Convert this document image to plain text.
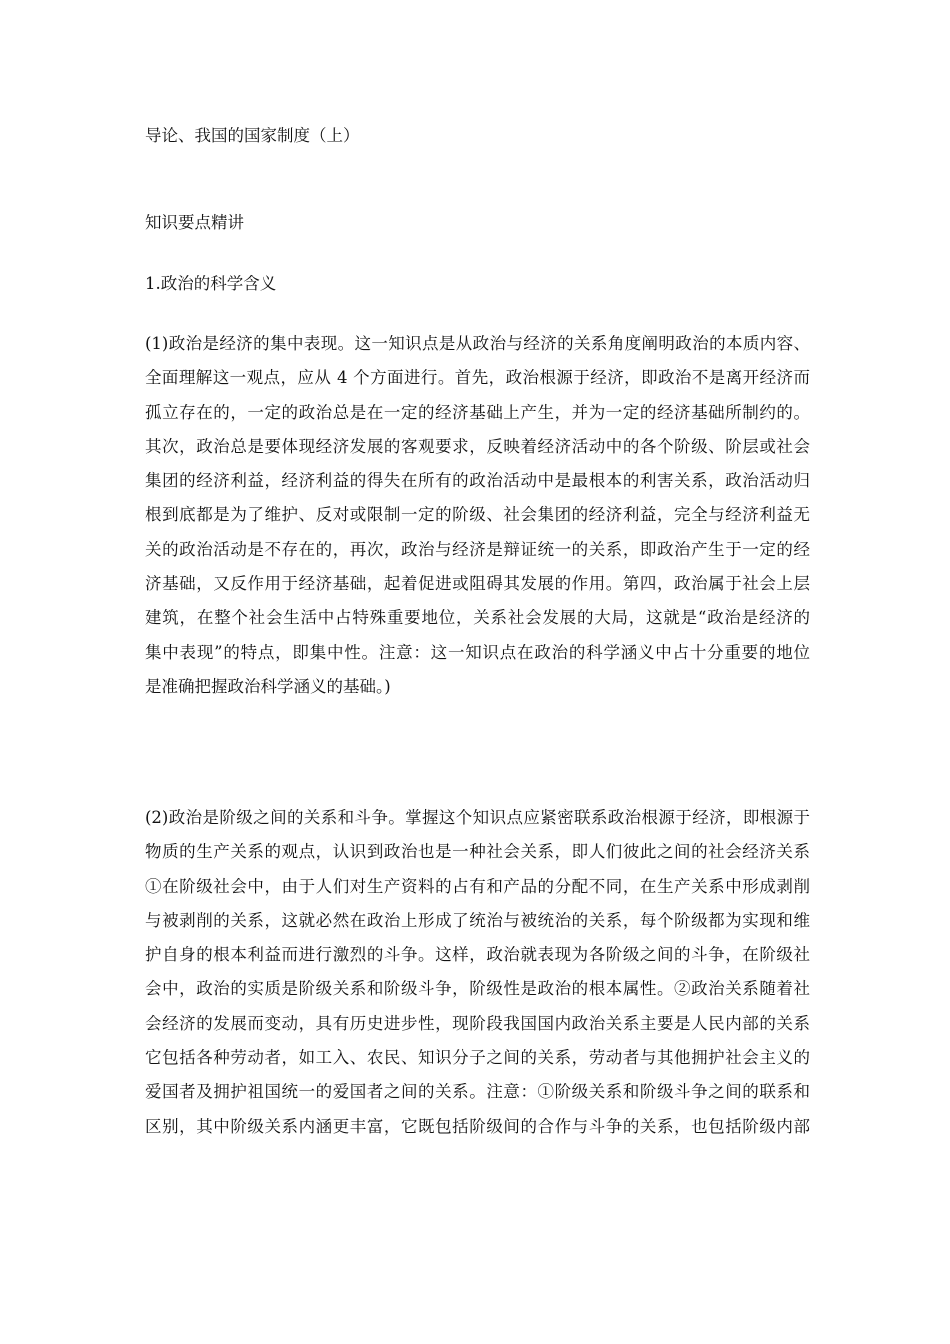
导论、我国的国家制度（上）
知识要点精讲
1.政治的科学含义
(1)政治是经济的集中表现。这一知识点是从政治与经济的关系角度阐明政治的本质内容、
全面理解这一观点，应从 4 个方面进行。首先，政治根源于经济，即政治不是离开经济而
孤立存在的，一定的政治总是在一定的经济基础上产生，并为一定的经济基础所制约的。
其次，政治总是要体现经济发展的客观要求，反映着经济活动中的各个阶级、阶层或社会
集团的经济利益，经济利益的得失在所有的政治活动中是最根本的利害关系，政治活动归
根到底都是为了维护、反对或限制一定的阶级、社会集团的经济利益，完全与经济利益无
关的政治活动是不存在的，再次，政治与经济是辩证统一的关系，即政治产生于一定的经
济基础，又反作用于经济基础，起着促进或阻碍其发展的作用。第四，政治属于社会上层
建筑，在整个社会生活中占特殊重要地位，关系社会发展的大局，这就是“政治是经济的
集中表现”的特点，即集中性。注意：这一知识点在政治的科学涵义中占十分重要的地位
是准确把握政治科学涵义的基础。)
(2)政治是阶级之间的关系和斗争。掌握这个知识点应紧密联系政治根源于经济，即根源于
物质的生产关系的观点，认识到政治也是一种社会关系，即人们彼此之间的社会经济关系
①在阶级社会中，由于人们对生产资料的占有和产品的分配不同，在生产关系中形成剥削
与被剥削的关系，这就必然在政治上形成了统治与被统治的关系，每个阶级都为实现和维
护自身的根本利益而进行激烈的斗争。这样，政治就表现为各阶级之间的斗争，在阶级社
会中，政治的实质是阶级关系和阶级斗争，阶级性是政治的根本属性。②政治关系随着社
会经济的发展而变动，具有历史进步性，现阶段我国国内政治关系主要是人民内部的关系
它包括各种劳动者，如工入、农民、知识分子之间的关系，劳动者与其他拥护社会主义的
爱国者及拥护祖国统一的爱国者之间的关系。注意：①阶级关系和阶级斗争之间的联系和
区别，其中阶级关系内涵更丰富，它既包括阶级间的合作与斗争的关系，也包括阶级内部
